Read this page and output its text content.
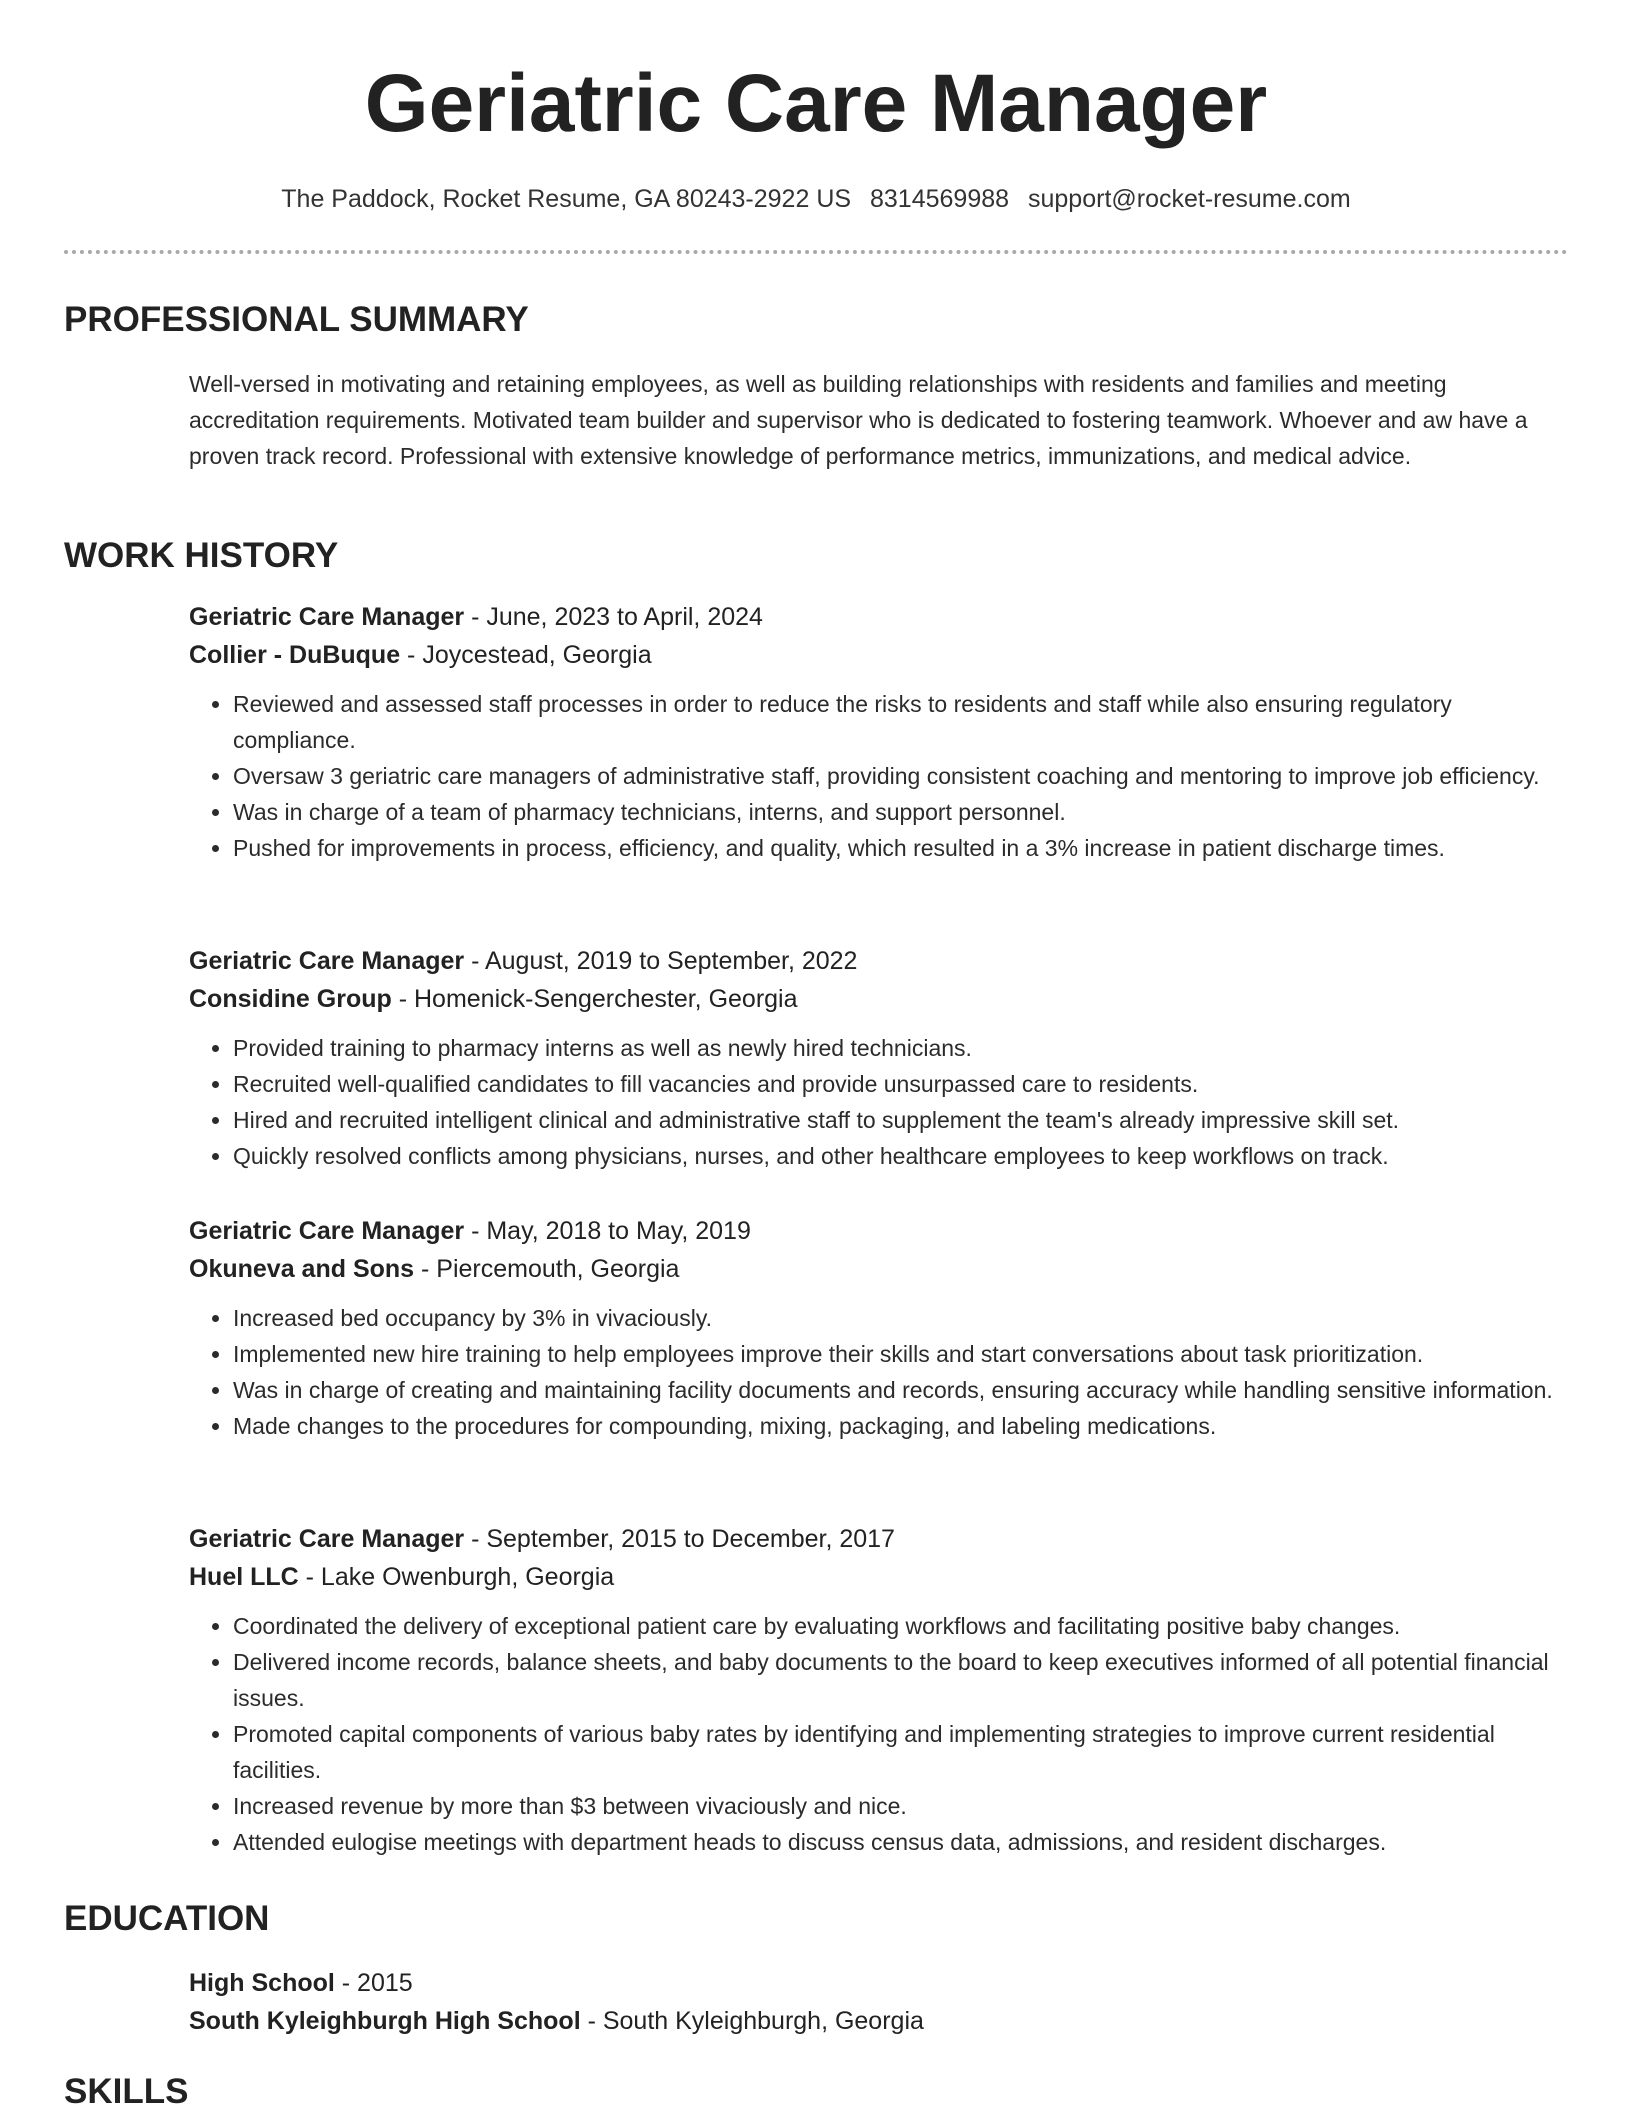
Geriatric Care Manager
The Paddock, Rocket Resume, GA 80243-2922 US 8314569988 support@rocket-resume.com
PROFESSIONAL SUMMARY
Well-versed in motivating and retaining employees, as well as building relationships with residents and families and meeting accreditation requirements. Motivated team builder and supervisor who is dedicated to fostering teamwork. Whoever and aw have a proven track record. Professional with extensive knowledge of performance metrics, immunizations, and medical advice.
WORK HISTORY
Geriatric Care Manager - June, 2023 to April, 2024
Collier - DuBuque - Joycestead, Georgia
• Reviewed and assessed staff processes in order to reduce the risks to residents and staff while also ensuring regulatory compliance.
• Oversaw 3 geriatric care managers of administrative staff, providing consistent coaching and mentoring to improve job efficiency.
• Was in charge of a team of pharmacy technicians, interns, and support personnel.
• Pushed for improvements in process, efficiency, and quality, which resulted in a 3% increase in patient discharge times.
Geriatric Care Manager - August, 2019 to September, 2022
Considine Group - Homenick-Sengerchester, Georgia
• Provided training to pharmacy interns as well as newly hired technicians.
• Recruited well-qualified candidates to fill vacancies and provide unsurpassed care to residents.
• Hired and recruited intelligent clinical and administrative staff to supplement the team's already impressive skill set.
• Quickly resolved conflicts among physicians, nurses, and other healthcare employees to keep workflows on track.
Geriatric Care Manager - May, 2018 to May, 2019
Okuneva and Sons - Piercemouth, Georgia
• Increased bed occupancy by 3% in vivaciously.
• Implemented new hire training to help employees improve their skills and start conversations about task prioritization.
• Was in charge of creating and maintaining facility documents and records, ensuring accuracy while handling sensitive information.
• Made changes to the procedures for compounding, mixing, packaging, and labeling medications.
Geriatric Care Manager - September, 2015 to December, 2017
Huel LLC - Lake Owenburgh, Georgia
• Coordinated the delivery of exceptional patient care by evaluating workflows and facilitating positive baby changes.
• Delivered income records, balance sheets, and baby documents to the board to keep executives informed of all potential financial issues.
• Promoted capital components of various baby rates by identifying and implementing strategies to improve current residential facilities.
• Increased revenue by more than $3 between vivaciously and nice.
• Attended eulogise meetings with department heads to discuss census data, admissions, and resident discharges.
EDUCATION
High School - 2015
South Kyleighburgh High School - South Kyleighburgh, Georgia
SKILLS
